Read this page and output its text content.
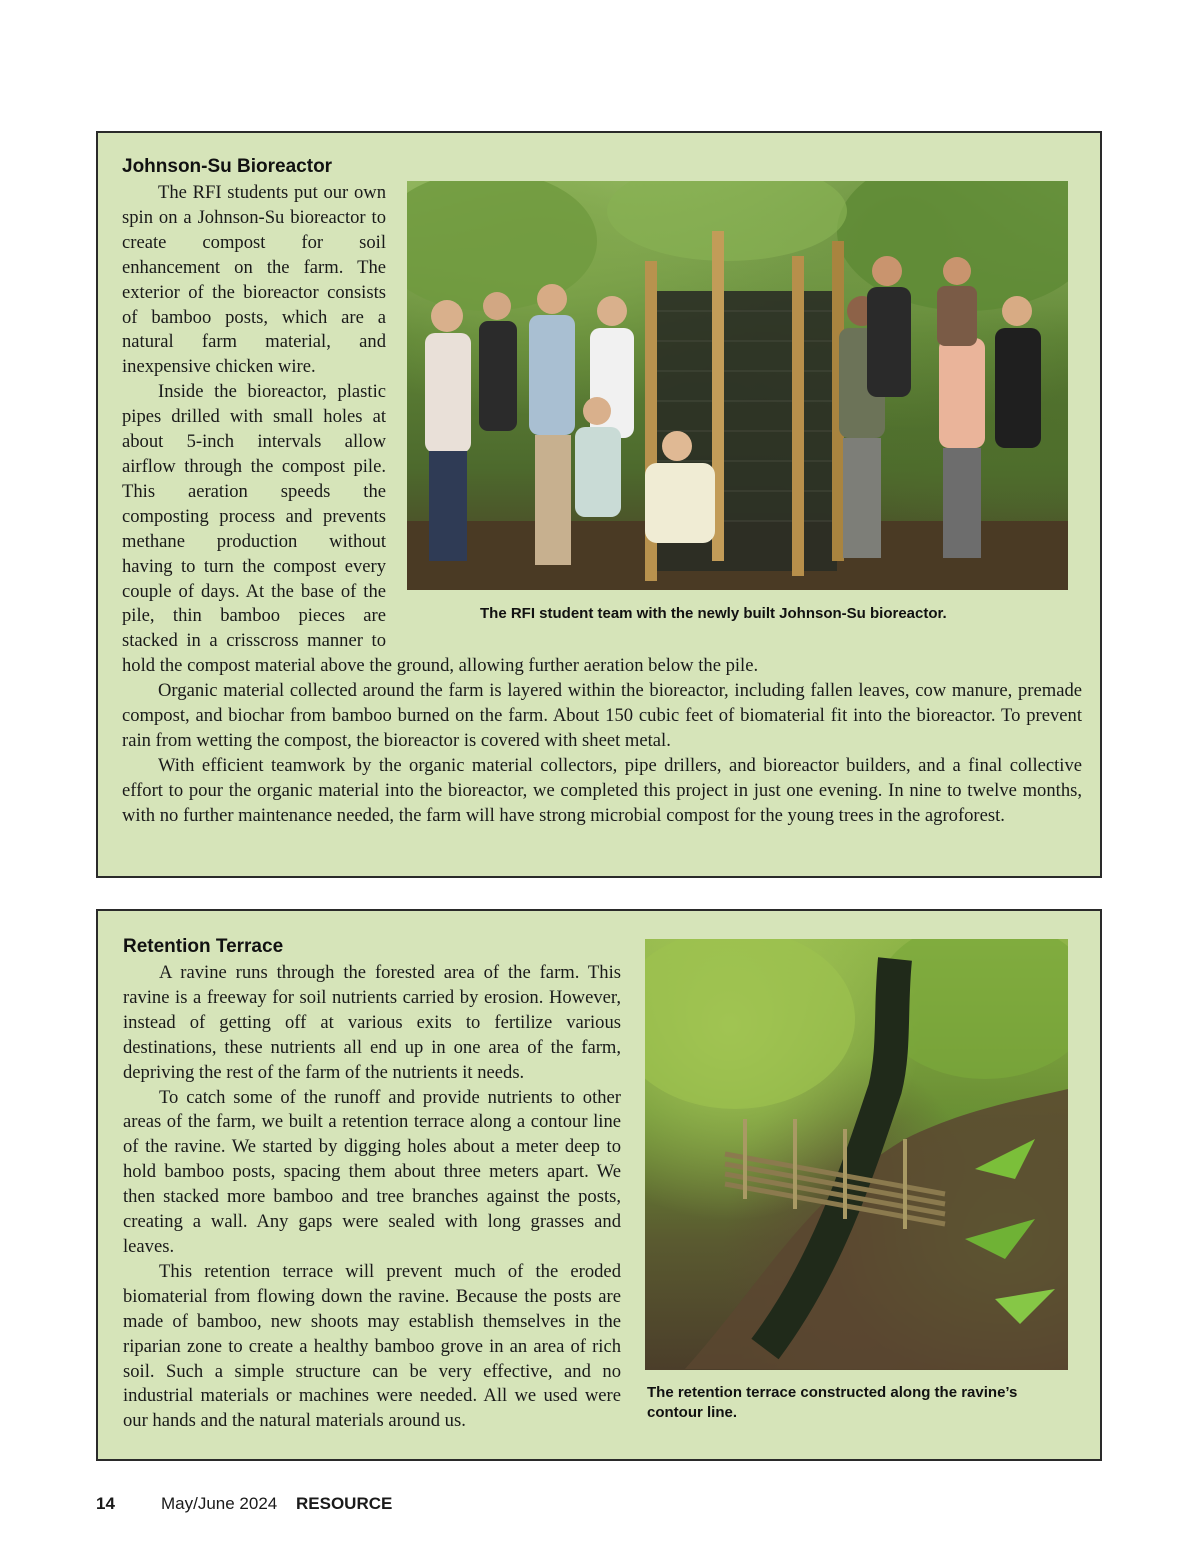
Johnson-Su Bioreactor
The RFI student team with the newly built Johnson-Su bioreactor.

The RFI students put our own spin on a Johnson-Su bioreactor to create compost for soil enhancement on the farm. The exterior of the bioreactor consists of bamboo posts, which are a natural farm material, and inexpensive chicken wire.

Inside the bioreactor, plastic pipes drilled with small holes at about 5-inch intervals allow airflow through the compost pile. This aeration speeds the composting process and prevents methane production without having to turn the compost every couple of days. At the base of the pile, thin bamboo pieces are stacked in a crisscross manner to hold the compost material above the ground, allowing further aeration below the pile.

Organic material collected around the farm is layered within the bioreactor, including fallen leaves, cow manure, premade compost, and biochar from bamboo burned on the farm. About 150 cubic feet of biomaterial fit into the bioreactor. To prevent rain from wetting the compost, the bioreactor is covered with sheet metal.

With efficient teamwork by the organic material collectors, pipe drillers, and bioreactor builders, and a final collective effort to pour the organic material into the bioreactor, we completed this project in just one evening. In nine to twelve months, with no further maintenance needed, the farm will have strong microbial compost for the young trees in the agroforest.

Retention Terrace

A ravine runs through the forested area of the farm. This ravine is a freeway for soil nutrients carried by erosion. However, instead of getting off at various exits to fertilize various destinations, these nutrients all end up in one area of the farm, depriving the rest of the farm of the nutrients it needs.

To catch some of the runoff and provide nutrients to other areas of the farm, we built a retention terrace along a contour line of the ravine. We started by digging holes about a meter deep to hold bamboo posts, spacing them about three meters apart. We then stacked more bamboo and tree branches against the posts, creating a wall. Any gaps were sealed with long grasses and leaves.

This retention terrace will prevent much of the eroded biomaterial from flowing down the ravine. Because the posts are made of bamboo, new shoots may establish themselves in the riparian zone to create a healthy bamboo grove in an area of rich soil. Such a simple structure can be very effective, and no industrial materials or machines were needed. All we used were our hands and the natural materials around us.

The retention terrace constructed along the ravine’s contour line.
14	May/June 2024 RESOURCE
